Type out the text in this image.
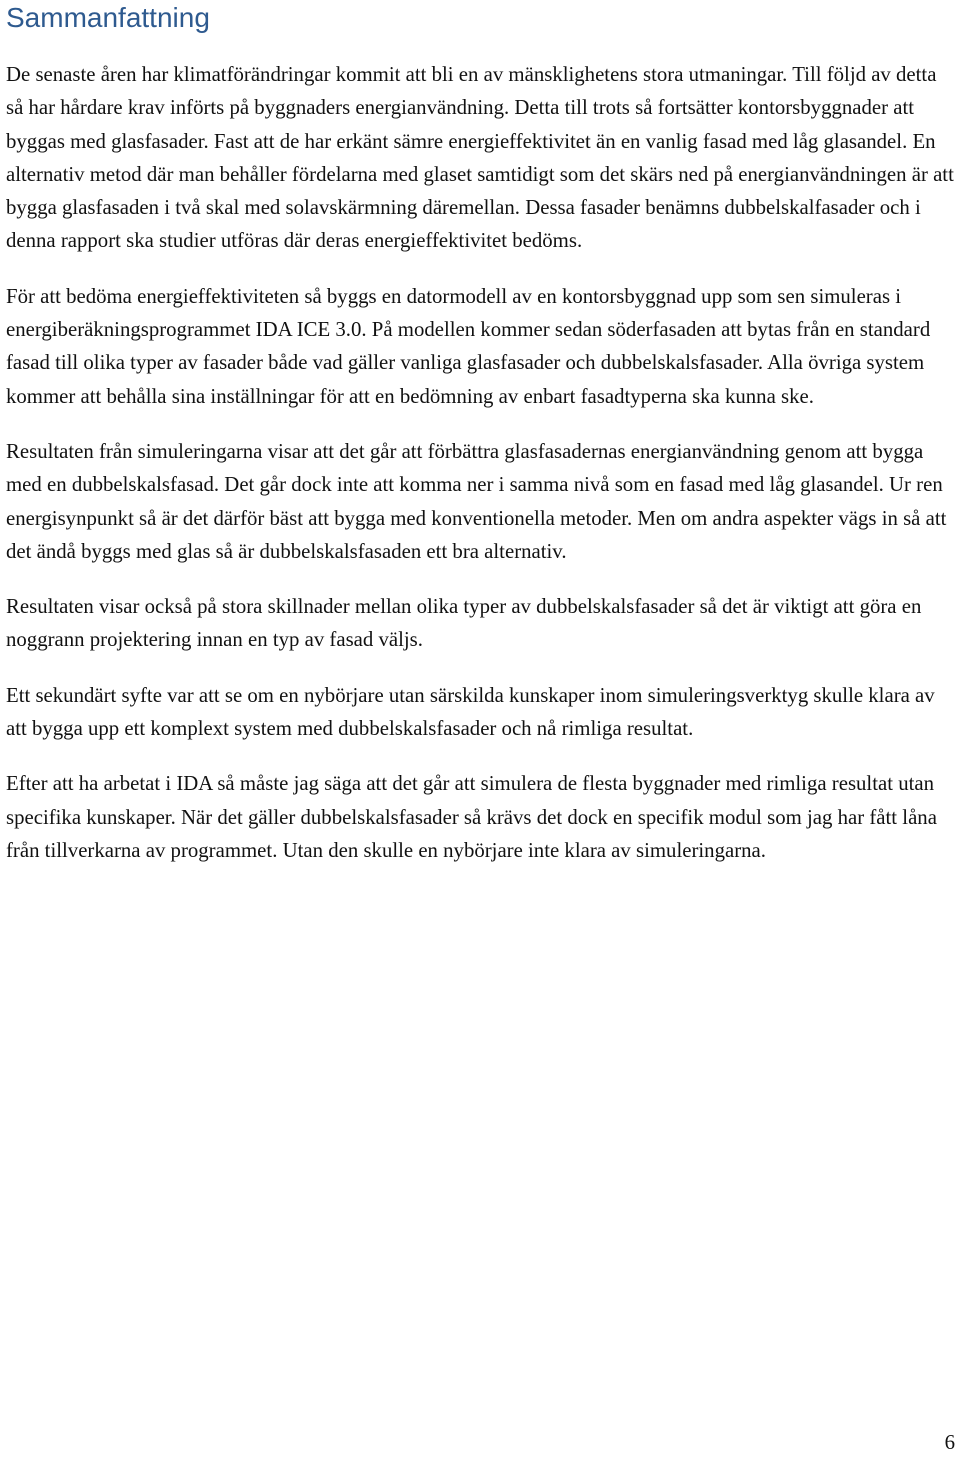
Sammanfattning

De senaste åren har klimatförändringar kommit att bli en av mänsklighetens stora utmaningar. Till följd av detta så har hårdare krav införts på byggnaders energianvändning. Detta till trots så fortsätter kontorsbyggnader att byggas med glasfasader. Fast att de har erkänt sämre energieffektivitet än en vanlig fasad med låg glasandel. En alternativ metod där man behåller fördelarna med glaset samtidigt som det skärs ned på energianvändningen är att bygga glasfasaden i två skal med solavskärmning däremellan. Dessa fasader benämns dubbelskalfasader och i denna rapport ska studier utföras där deras energieffektivitet bedöms.

För att bedöma energieffektiviteten så byggs en datormodell av en kontorsbyggnad upp som sen simuleras i energiberäkningsprogrammet IDA ICE 3.0. På modellen kommer sedan söderfasaden att bytas från en standard fasad till olika typer av fasader både vad gäller vanliga glasfasader och dubbelskalsfasader. Alla övriga system kommer att behålla sina inställningar för att en bedömning av enbart fasadtyperna ska kunna ske.

Resultaten från simuleringarna visar att det går att förbättra glasfasadernas energianvändning genom att bygga med en dubbelskalsfasad. Det går dock inte att komma ner i samma nivå som en fasad med låg glasandel. Ur ren energisynpunkt så är det därför bäst att bygga med konventionella metoder. Men om andra aspekter vägs in så att det ändå byggs med glas så är dubbelskalsfasaden ett bra alternativ.

Resultaten visar också på stora skillnader mellan olika typer av dubbelskalsfasader så det är viktigt att göra en noggrann projektering innan en typ av fasad väljs.

Ett sekundärt syfte var att se om en nybörjare utan särskilda kunskaper inom simuleringsverktyg skulle klara av att bygga upp ett komplext system med dubbelskalsfasader och nå rimliga resultat.

Efter att ha arbetat i IDA så måste jag säga att det går att simulera de flesta byggnader med rimliga resultat utan specifika kunskaper. När det gäller dubbelskalsfasader så krävs det dock en specifik modul som jag har fått låna från tillverkarna av programmet. Utan den skulle en nybörjare inte klara av simuleringarna.

6
